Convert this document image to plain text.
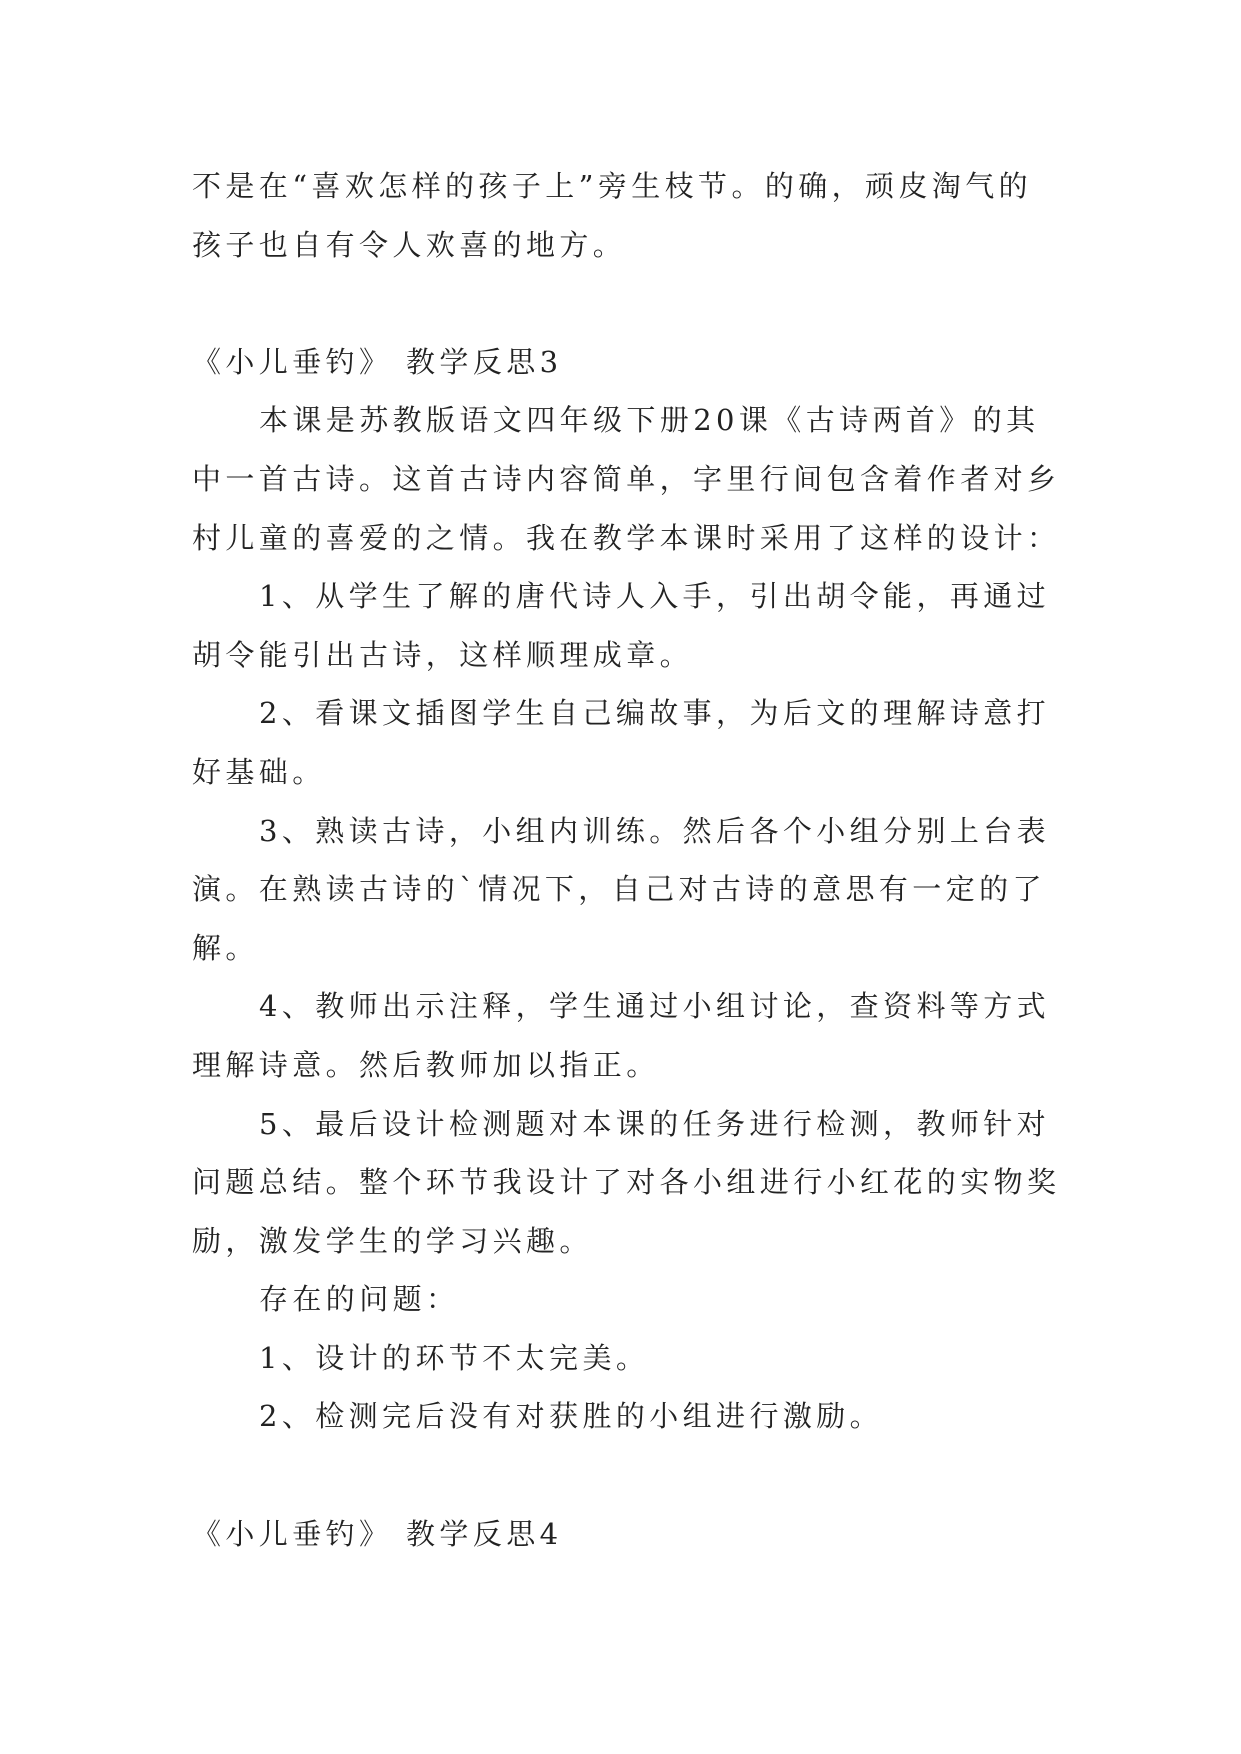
不是在“喜欢怎样的孩子上”旁生枝节。的确，顽皮淘气的
孩子也自有令人欢喜的地方。
《小儿垂钓》 教学反思3
本课是苏教版语文四年级下册20课《古诗两首》的其
中一首古诗。这首古诗内容简单，字里行间包含着作者对乡
村儿童的喜爱的之情。我在教学本课时采用了这样的设计：
1、从学生了解的唐代诗人入手，引出胡令能，再通过
胡令能引出古诗，这样顺理成章。
2、看课文插图学生自己编故事，为后文的理解诗意打
好基础。
3、熟读古诗，小组内训练。然后各个小组分别上台表
演。在熟读古诗的`情况下，自己对古诗的意思有一定的了
解。
4、教师出示注释，学生通过小组讨论，查资料等方式
理解诗意。然后教师加以指正。
5、最后设计检测题对本课的任务进行检测，教师针对
问题总结。整个环节我设计了对各小组进行小红花的实物奖
励，激发学生的学习兴趣。
存在的问题：
1、设计的环节不太完美。
2、检测完后没有对获胜的小组进行激励。
《小儿垂钓》 教学反思4
